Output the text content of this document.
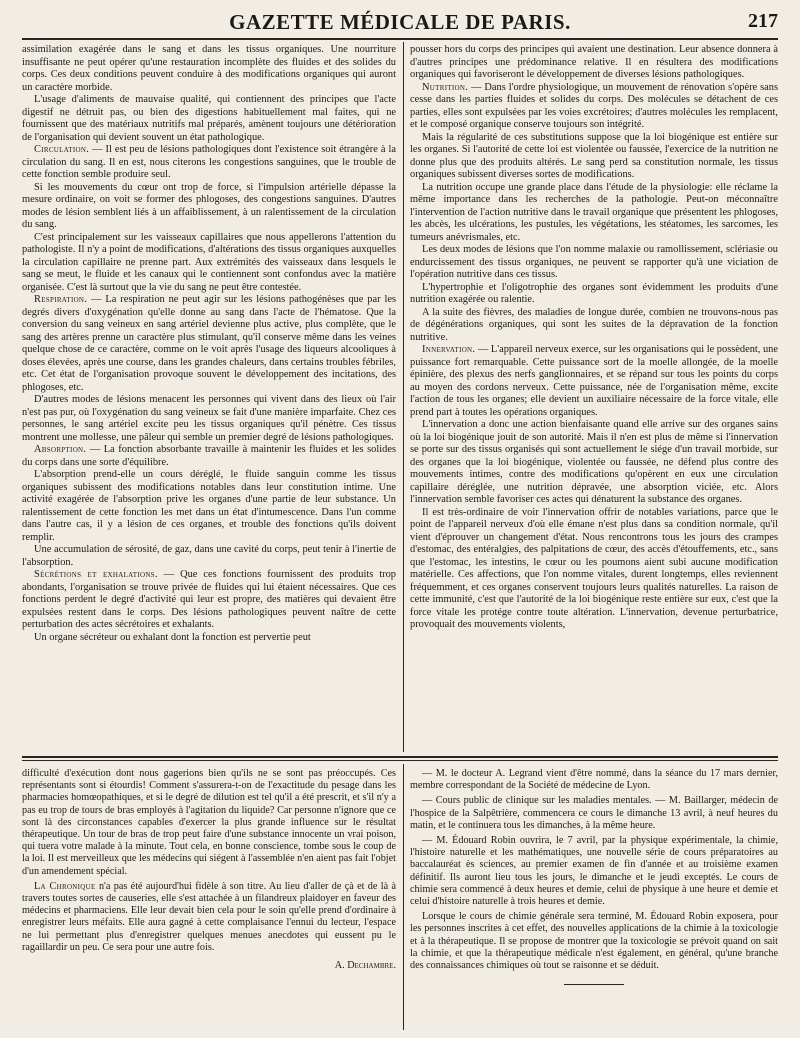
GAZETTE MÉDICALE DE PARIS.	217

assimilation exagérée dans le sang et dans les tissus organiques. Une nourriture insuffisante ne peut opérer qu'une restauration incomplète des fluides et des solides du corps. Ces deux conditions peuvent conduire à des modifications organiques qui auront un caractère morbide.

L'usage d'aliments de mauvaise qualité, qui contiennent des principes que l'acte digestif ne détruit pas, ou bien des digestions habituellement mal faites, qui ne fournissent que des matériaux nutritifs mal préparés, amènent toujours une détérioration de l'organisation qui devient souvent un état pathologique.

Circulation. — Il est peu de lésions pathologiques dont l'existence soit étrangère à la circulation du sang. Il en est, nous citerons les congestions sanguines, que le trouble de cette fonction semble produire seul.

Si les mouvements du cœur ont trop de force, si l'impulsion artérielle dépasse la mesure ordinaire, on voit se former des phlogoses, des congestions sanguines. D'autres modes de lésion semblent liés à un affaiblissement, à un ralentissement de la circulation du sang.

C'est principalement sur les vaisseaux capillaires que nous appellerons l'attention du pathologiste. Il n'y a point de modifications, d'altérations des tissus organiques auxquelles la circulation capillaire ne prenne part. Aux extrémités des vaisseaux dans lesquels le sang se meut, le fluide et les canaux qui le contiennent sont confondus avec la matière organisée. C'est là surtout que la vie du sang ne peut être contestée.

Respiration. — La respiration ne peut agir sur les lésions pathogénèses que par les degrés divers d'oxygénation qu'elle donne au sang dans l'acte de l'hématose. Que la conversion du sang veineux en sang artériel devienne plus active, plus complète, que le sang des artères prenne un caractère plus stimulant, qu'il conserve même dans les veines quelque chose de ce caractère, comme on le voit après l'usage des liqueurs alcooliques à doses élevées, après une course, dans les grandes chaleurs, dans certains troubles fébriles, etc. Cet état de l'organisation provoque souvent le développement des incitations, des phlogoses, etc.

D'autres modes de lésions menacent les personnes qui vivent dans des lieux où l'air n'est pas pur, où l'oxygénation du sang veineux se fait d'une manière imparfaite. Chez ces personnes, le sang artériel excite peu les tissus organiques qu'il pénètre. Ces tissus montrent une mollesse, une pâleur qui semble un premier degré de lésions pathologiques.

Absorption. — La fonction absorbante travaille à maintenir les fluides et les solides du corps dans une sorte d'équilibre.

L'absorption prend-elle un cours déréglé, le fluide sanguin comme les tissus organiques subissent des modifications notables dans leur constitution intime. Une activité exagérée de l'absorption prive les organes d'une partie de leur substance. Un ralentissement de cette fonction les met dans un état d'intumescence. Dans l'un comme dans l'autre cas, il y a lésion de ces organes, et trouble des fonctions qu'ils doivent remplir.

Une accumulation de sérosité, de gaz, dans une cavité du corps, peut tenir à l'inertie de l'absorption.

Sécrétions et exhalations. — Que ces fonctions fournissent des produits trop abondants, l'organisation se trouve privée de fluides qui lui étaient nécessaires. Que ces fonctions perdent le degré d'activité qui leur est propre, des matières qui devaient être expulsées restent dans le corps. Des lésions pathologiques peuvent naître de cette perturbation des actes sécrétoires et exhalants.

Un organe sécréteur ou exhalant dont la fonction est pervertie peut

pousser hors du corps des principes qui avaient une destination. Leur absence donnera à d'autres principes une prédominance relative. Il en résultera des modifications organiques qui favoriseront le développement de diverses lésions pathologiques.

Nutrition. — Dans l'ordre physiologique, un mouvement de rénovation s'opère sans cesse dans les parties fluides et solides du corps. Des molécules se détachent de ces parties, elles sont expulsées par les voies excrétoires; d'autres molécules les remplacent, et le composé organique conserve toujours son intégrité.

Mais la régularité de ces substitutions suppose que la loi biogénique est entière sur les organes. Si l'autorité de cette loi est violentée ou faussée, l'exercice de la nutrition ne donne plus que des produits altérés. Le sang perd sa constitution normale, les tissus organiques subissent diverses sortes de modifications.

La nutrition occupe une grande place dans l'étude de la physiologie: elle réclame la même importance dans les recherches de la pathologie. Peut-on méconnaître l'intervention de l'action nutritive dans le travail organique que présentent les phlogoses, les abcès, les ulcérations, les pustules, les végétations, les stéatomes, les sarcomes, les tumeurs anévrismales, etc.

Les deux modes de lésions que l'on nomme malaxie ou ramollissement, sclériasie ou endurcissement des tissus organiques, ne peuvent se rapporter qu'à une viciation de l'opération nutritive dans ces tissus.

L'hypertrophie et l'oligotrophie des organes sont évidemment les produits d'une nutrition exagérée ou ralentie.

A la suite des fièvres, des maladies de longue durée, combien ne trouvons-nous pas de dégénérations organiques, qui sont les suites de la dépravation de la fonction nutritive.

Innervation. — L'appareil nerveux exerce, sur les organisations qui le possèdent, une puissance fort remarquable. Cette puissance sort de la moelle allongée, de la moelle épinière, des plexus des nerfs ganglionnaires, et se répand sur tous les points du corps au moyen des cordons nerveux. Cette puissance, née de l'organisation même, excite l'action de tous les organes; elle devient un auxiliaire nécessaire de la force vitale, elle prend part à toutes les opérations organiques.

L'innervation a donc une action bienfaisante quand elle arrive sur des organes sains où la loi biogénique jouit de son autorité. Mais il n'en est plus de même si l'innervation se porte sur des tissus organisés qui sont actuellement le siége d'un travail morbide, sur des organes que la loi biogénique, violentée ou faussée, ne défend plus contre des mouvements intimes, contre des modifications qu'opèrent en eux une circulation capillaire déréglée, une nutrition dépravée, une absorption viciée, etc. Alors l'innervation semble favoriser ces actes qui dénaturent la substance des organes.

Il est très-ordinaire de voir l'innervation offrir de notables variations, parce que le point de l'appareil nerveux d'où elle émane n'est plus dans sa condition normale, qu'il vient d'éprouver un changement d'état. Nous rencontrons tous les jours des crampes d'estomac, des entéralgies, des palpitations de cœur, des accès d'étouffements, etc., sans que l'estomac, les intestins, le cœur ou les poumons aient subi aucune modification matérielle. Ces affections, que l'on nomme vitales, durent longtemps, elles reviennent fréquemment, et ces organes conservent toujours leurs qualités naturelles. La raison de cette immunité, c'est que l'autorité de la loi biogénique reste entière sur eux, c'est que la force vitale les protége contre toute altération. L'innervation, devenue perturbatrice, provoquait des mouvements violents,

difficulté d'exécution dont nous gagerions bien qu'ils ne se sont pas préoccupés. Ces représentants sont si étourdis! Comment s'assurera-t-on de l'exactitude du pesage dans les pharmacies homœopathiques, et si le degré de dilution est tel qu'il a été prescrit, et s'il n'y a pas eu trop de tours de bras employés à l'agitation du liquide? Car personne n'ignore que ce sont là des circonstances capables d'exercer la plus grande influence sur le résultat thérapeutique. Un tour de bras de trop peut faire d'une substance innocente un vrai poison, qui tuera votre malade à la minute. Tout cela, en bonne conscience, tombe sous le coup de la loi. Il est merveilleux que les médecins qui siégent à l'assemblée n'en aient pas fait l'objet d'un amendement spécial.

La Chronique n'a pas été aujourd'hui fidèle à son titre. Au lieu d'aller de çà et de là à travers toutes sortes de causeries, elle s'est attachée à un filandreux plaidoyer en faveur des médecins et pharmaciens. Elle leur devait bien cela pour le soin qu'elle prend d'ordinaire à enregistrer leurs méfaits. Elle aura gagné à cette complaisance l'ennui du lecteur, l'espace ne lui permettant plus d'enregistrer quelques menues anecdotes qui eussent pu le ragaillardir un peu. Ce sera pour une autre fois.

A. Dechambre.

— M. le docteur A. Legrand vient d'être nommé, dans la séance du 17 mars dernier, membre correspondant de la Société de médecine de Lyon.

— Cours public de clinique sur les maladies mentales. — M. Baillarger, médecin de l'hospice de la Salpêtrière, commencera ce cours le dimanche 13 avril, à neuf heures du matin, et le continuera tous les dimanches, à la même heure.

— M. Édouard Robin ouvrira, le 7 avril, par la physique expérimentale, la chimie, l'histoire naturelle et les mathématiques, une nouvelle série de cours préparatoires au baccalauréat ès sciences, au premier examen de fin d'année et au troisième examen définitif. Ils auront lieu tous les jours, le dimanche et le jeudi exceptés. Le cours de chimie sera commencé à deux heures et demie, celui de physique à une heure et demie et celui d'histoire naturelle à trois heures et demie.

Lorsque le cours de chimie générale sera terminé, M. Édouard Robin exposera, pour les personnes inscrites à cet effet, des nouvelles applications de la chimie à la toxicologie et à la thérapeutique. Il se propose de montrer que la toxicologie se prévoit quand on sait la chimie, et que la thérapeutique médicale n'est également, en général, qu'une branche des connaissances chimiques où tout se raisonne et se déduit.
